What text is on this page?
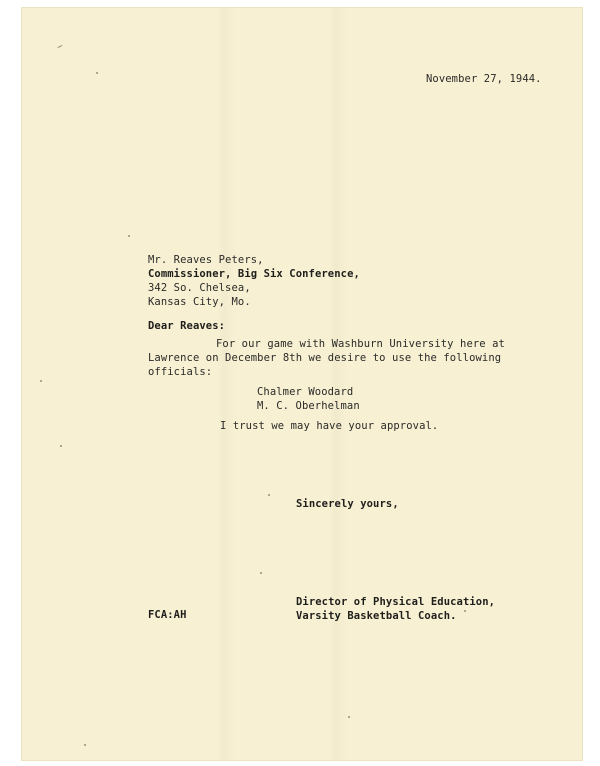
November 27, 1944.
Mr. Reaves Peters,
Commissioner, Big Six Conference,
342 So. Chelsea,
Kansas City, Mo.
Dear Reaves:
For our game with Washburn University here at
Lawrence on December 8th we desire to use the following
officials:
Chalmer Woodard
M. C. Oberhelman
I trust we may have your approval.
Sincerely yours,
Director of Physical Education,
Varsity Basketball Coach.
FCA:AH
